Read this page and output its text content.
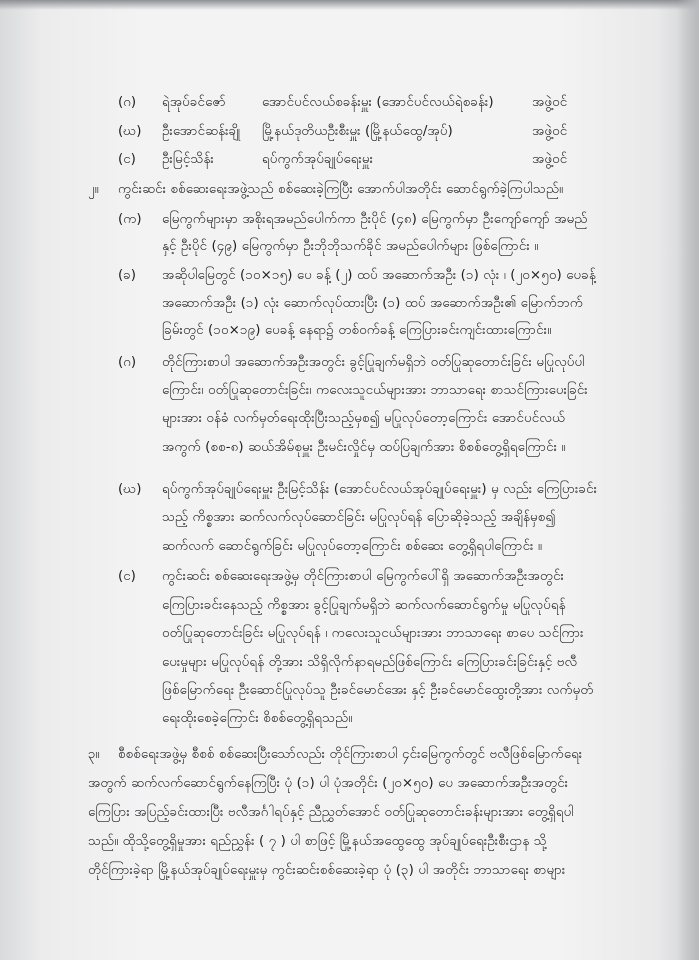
(ဂ) ရဲအုပ်ခင်ဇော်	အောင်ပင်လယ်စခန်းမှူး (အောင်ပင်လယ်ရဲစခန်း)	အဖွဲ့ဝင်
(ဃ) ဦးအောင်ဆန်းချို မြို့နယ်ဒုတိယဦးစီးမှူး (မြို့နယ်ထွေ/အုပ်)	အဖွဲ့ဝင်
(င) ဦးမြင့်သိန်း	ရပ်ကွက်အုပ်ချုပ်ရေးမှူး	အဖွဲ့ဝင်
၂။ ကွင်းဆင်း စစ်ဆေးရေးအဖွဲ့သည် စစ်ဆေးခဲ့ကြပြီး အောက်ပါအတိုင်း ဆောင်ရွက်ခဲ့ကြပါသည်။
(က) မြေကွက်များမှာ အစိုးရအမည်ပေါက်ကာ ဦးပိုင် (၄၈) မြေကွက်မှာ ဦးကျော်ကျော် အမည်
နှင့် ဦးပိုင် (၄၉) မြေကွက်မှာ ဦးဘိုဘိုသက်ခိုင် အမည်ပေါက်များ ဖြစ်ကြောင်း ။
(ခ) အဆိုပါမြေတွင် (၁၀×၁၅) ပေ ခန့် (၂) ထပ် အဆောက်အဦး (၁) လုံး ၊ (၂၀×၅၀) ပေခန့်
အဆောက်အဦး (၁) လုံး ဆောက်လုပ်ထားပြီး (၁) ထပ် အဆောက်အဦး၏ မြောက်ဘက်
ခြမ်းတွင် (၁၀×၁၉) ပေခန့် နေရာ၌ တစ်ဝက်ခန့် ကြေပြားခင်းကျင်းထားကြောင်း။
(ဂ) တိုင်ကြားစာပါ အဆောက်အဦးအတွင်း ခွင့်ပြုချက်မရှိဘဲ ဝတ်ပြုဆုတောင်းခြင်း မပြုလုပ်ပါ
ကြောင်း၊ ဝတ်ပြုဆုတောင်းခြင်း၊ ကလေးသူငယ်များအား ဘာသာရေး စာသင်ကြားပေးခြင်း
များအား ဝန်ခံ လက်မှတ်ရေးထိုးပြီးသည့်မှစ၍ မပြုလုပ်တော့ကြောင်း အောင်ပင်လယ်
အကွက် (စစ-၈) ဆယ်အိမ်စုမှူး ဦးမင်းလှိုင်မှ ထပ်ပြချက်အား စိစစ်တွေ့ရှိရကြောင်း ။
(ဃ) ရပ်ကွက်အုပ်ချုပ်ရေးမှူး ဦးမြင့်သိန်း (အောင်ပင်လယ်အုပ်ချုပ်ရေးမှူး) မှ လည်း ကြေပြားခင်း
သည့် ကိစ္စအား ဆက်လက်လုပ်ဆောင်ခြင်း မပြုလုပ်ရန် ပြောဆိုခဲ့သည့် အချိန်မှစ၍
ဆက်လက် ဆောင်ရွက်ခြင်း မပြုလုပ်တော့ကြောင်း စစ်ဆေး တွေ့ရှိရပါကြောင်း ။
(င) ကွင်းဆင်း စစ်ဆေးရေးအဖွဲ့မှ တိုင်ကြားစာပါ မြေကွက်ပေါ်ရှိ အဆောက်အဦးအတွင်း
ကြေပြားခင်းနေသည့် ကိစ္စအား ခွင့်ပြုချက်မရှိဘဲ ဆက်လက်ဆောင်ရွက်မှု မပြုလုပ်ရန်
ဝတ်ပြုဆုတောင်းခြင်း မပြုလုပ်ရန် ၊ ကလေးသူငယ်များအား ဘာသာရေး စာပေ သင်ကြား
ပေးမှုများ မပြုလုပ်ရန် တို့အား သိရှိလိုက်နာရမည်ဖြစ်ကြောင်း ကြေပြားခင်းခြင်းနှင့် ဗလီ
ဖြစ်မြောက်ရေး ဦးဆောင်ပြုလုပ်သူ ဦးခင်မောင်အေး နှင့် ဦးခင်မောင်ထွေးတို့အား လက်မှတ်
ရေးထိုးစေခဲ့ကြောင်း စိစစ်တွေ့ရှိရသည်။
၃။ စီစစ်ရေးအဖွဲ့မှ စီစစ် စစ်ဆေးပြီးသော်လည်း တိုင်ကြားစာပါ ၄င်းမြေကွက်တွင် ဗလီဖြစ်မြောက်ရေး
အတွက် ဆက်လက်ဆောင်ရွက်နေကြပြီး ပုံ (၁) ပါ ပုံအတိုင်း (၂၀×၅၀) ပေ အဆောက်အဦးအတွင်း
ကြေပြား အပြည့်ခင်းထားပြီး ဗလီအင်္ဂါရပ်နှင့် ညီညွှတ်အောင် ဝတ်ပြုဆုတောင်းခန်းများအား တွေ့ရှိရပါ
သည်။ ထိုသို့တွေ့ရှိမှုအား ရည်ညွှန်း ( ၇ ) ပါ စာဖြင့် မြို့နယ်အထွေထွေ အုပ်ချုပ်ရေးဦးစီးဌာန သို့
တိုင်ကြားခဲ့ရာ မြို့နယ်အုပ်ချုပ်ရေးမှူးမှ ကွင်းဆင်းစစ်ဆေးခဲ့ရာ ပုံ (၃) ပါ အတိုင်း ဘာသာရေး စာများ
